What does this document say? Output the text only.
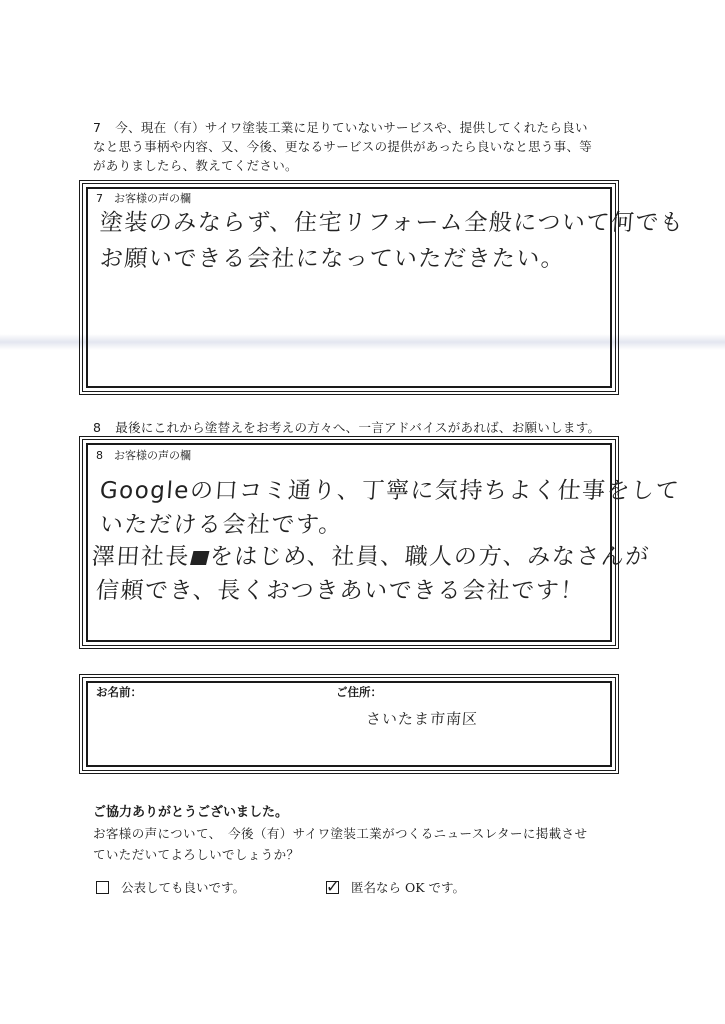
7 今、現在（有）サイワ塗装工業に足りていないサービスや、提供してくれたら良い
なと思う事柄や内容、又、今後、更なるサービスの提供があったら良いなと思う事、等
がありましたら、教えてください。
7　お客様の声の欄
塗装のみならず、住宅リフォーム全般について何でも
お願いできる会社になっていただきたい。
8 最後にこれから塗替えをお考えの方々へ、一言アドバイスがあれば、お願いします。
8　お客様の声の欄
Googleの口コミ通り、丁寧に気持ちよく仕事をして
いただける会社です。
澤田社長 をはじめ、社員、職人の方、みなさんが
信頼でき、長くおつきあいできる会社です！
お名前：	ご住所：
さいたま市南区
ご協力ありがとうございました。
お客様の声について、　今後（有）サイワ塗装工業がつくるニュースレターに掲載させ
ていただいてよろしいでしょうか？
公表しても良いです。	✓ 匿名なら OK です。
